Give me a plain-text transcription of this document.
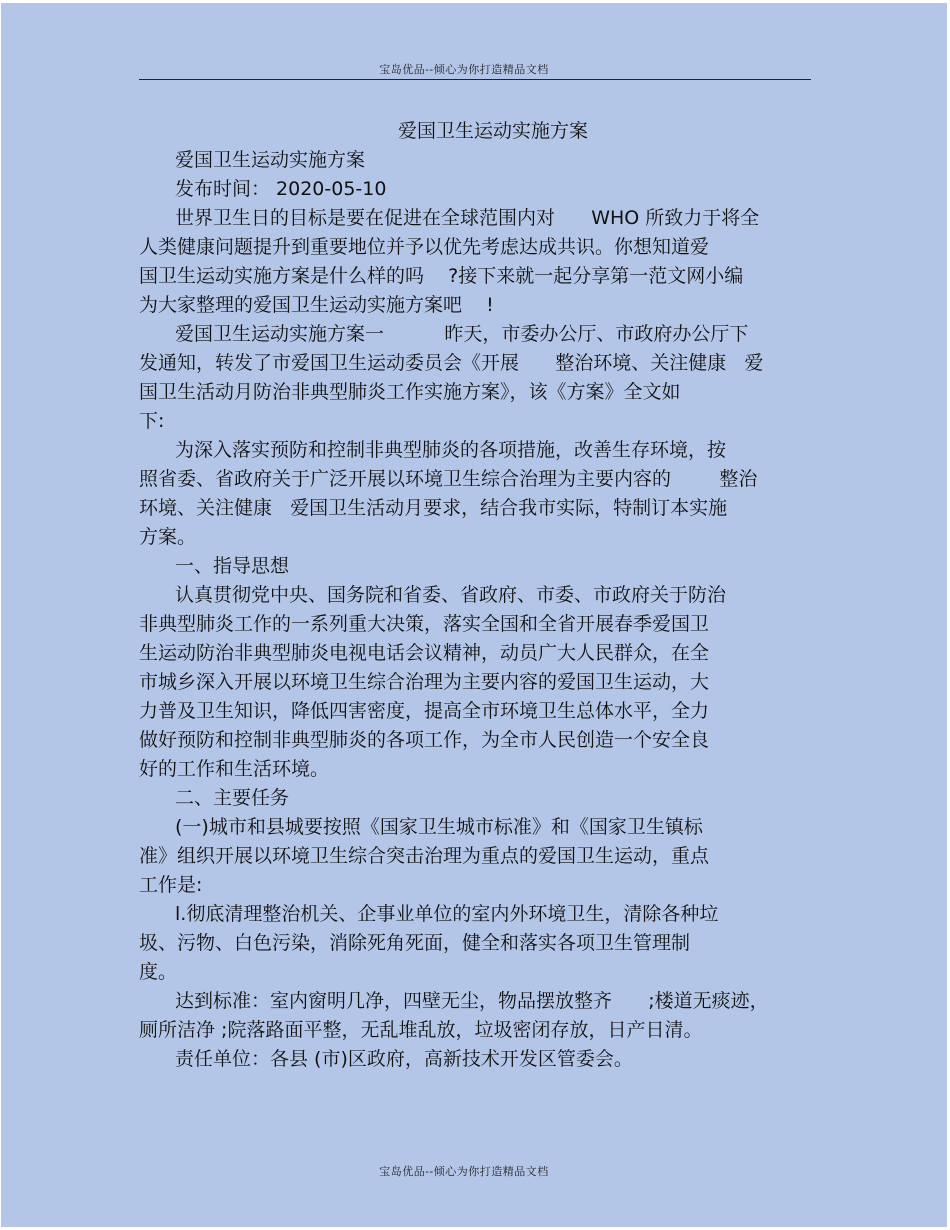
宝岛优品--倾心为你打造精品文档
爱国卫生运动实施方案
爱国卫生运动实施方案
发布时间： 2020-05-10
世界卫生日的目标是要在促进在全球范围内对      WHO 所致力于将全
人类健康问题提升到重要地位并予以优先考虑达成共识。你想知道爱
国卫生运动实施方案是什么样的吗    ?接下来就一起分享第一范文网小编
为大家整理的爱国卫生运动实施方案吧    !
爱国卫生运动实施方案一          昨天，市委办公厅、市政府办公厅下
发通知，转发了市爱国卫生运动委员会《开展      整治环境、关注健康   爱
国卫生活动月防治非典型肺炎工作实施方案》，该《方案》全文如
下:
为深入落实预防和控制非典型肺炎的各项措施，改善生存环境，按
照省委、省政府关于广泛开展以环境卫生综合治理为主要内容的        整治
环境、关注健康   爱国卫生活动月要求，结合我市实际，特制订本实施
方案。
一、指导思想
认真贯彻党中央、国务院和省委、省政府、市委、市政府关于防治
非典型肺炎工作的一系列重大决策，落实全国和全省开展春季爱国卫
生运动防治非典型肺炎电视电话会议精神，动员广大人民群众，在全
市城乡深入开展以环境卫生综合治理为主要内容的爱国卫生运动，大
力普及卫生知识，降低四害密度，提高全市环境卫生总体水平，全力
做好预防和控制非典型肺炎的各项工作，为全市人民创造一个安全良
好的工作和生活环境。
二、主要任务
(一)城市和县城要按照《国家卫生城市标准》和《国家卫生镇标
准》组织开展以环境卫生综合突击治理为重点的爱国卫生运动，重点
工作是:
l.彻底清理整治机关、企事业单位的室内外环境卫生，清除各种垃
圾、污物、白色污染，消除死角死面，健全和落实各项卫生管理制
度。
达到标准：室内窗明几净，四壁无尘，物品摆放整齐      ;楼道无痰迹，
厕所洁净 ;院落路面平整，无乱堆乱放，垃圾密闭存放，日产日清。
责任单位：各县 (市)区政府，高新技术开发区管委会。
宝岛优品--倾心为你打造精品文档
